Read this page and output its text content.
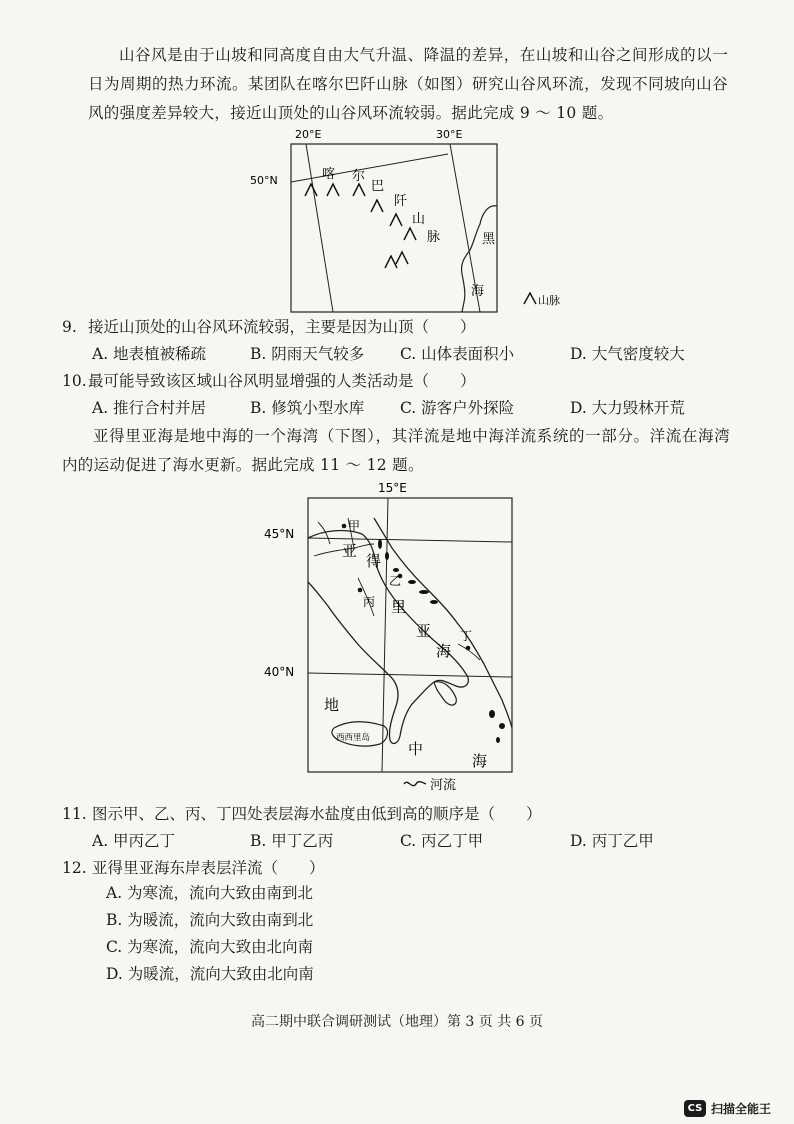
山谷风是由于山坡和同高度自由大气升温、降温的差异，在山坡和山谷之间形成的以一日为周期的热力环流。某团队在喀尔巴阡山脉（如图）研究山谷风环流，发现不同坡向山谷风的强度差异较大，接近山顶处的山谷风环流较弱。据此完成 9 ～ 10 题。
20°E	30°E
50°N	喀 尔
巴
阡
山
脉	黑
海
山脉
9. 接近山顶处的山谷风环流较弱，主要是因为山顶（　　）
A. 地表植被稀疏	B. 阴雨天气较多 C. 山体表面积小	D. 大气密度较大
10.最可能导致该区域山谷风明显增强的人类活动是（　　）
A. 推行合村并居	B. 修筑小型水库 C. 游客户外探险	D. 大力毁林开荒
亚得里亚海是地中海的一个海湾（下图），其洋流是地中海洋流系统的一部分。洋流在海湾内的运动促进了海水更新。据此完成 11 ～ 12 题。
15°E
45°N
40°N
甲
乙
丙
丁
亚
得
里
亚
海
地
中
海
西西里岛
河流
11. 图示甲、乙、丙、丁四处表层海水盐度由低到高的顺序是（　　）
A. 甲丙乙丁	B. 甲丁乙丙	C. 丙乙丁甲	D. 丙丁乙甲
12. 亚得里亚海东岸表层洋流（　　）
A. 为寒流，流向大致由南到北
B. 为暖流，流向大致由南到北
C. 为寒流，流向大致由北向南
D. 为暖流，流向大致由北向南
高二期中联合调研测试（地理）第 3 页 共 6 页
CS 扫描全能王
